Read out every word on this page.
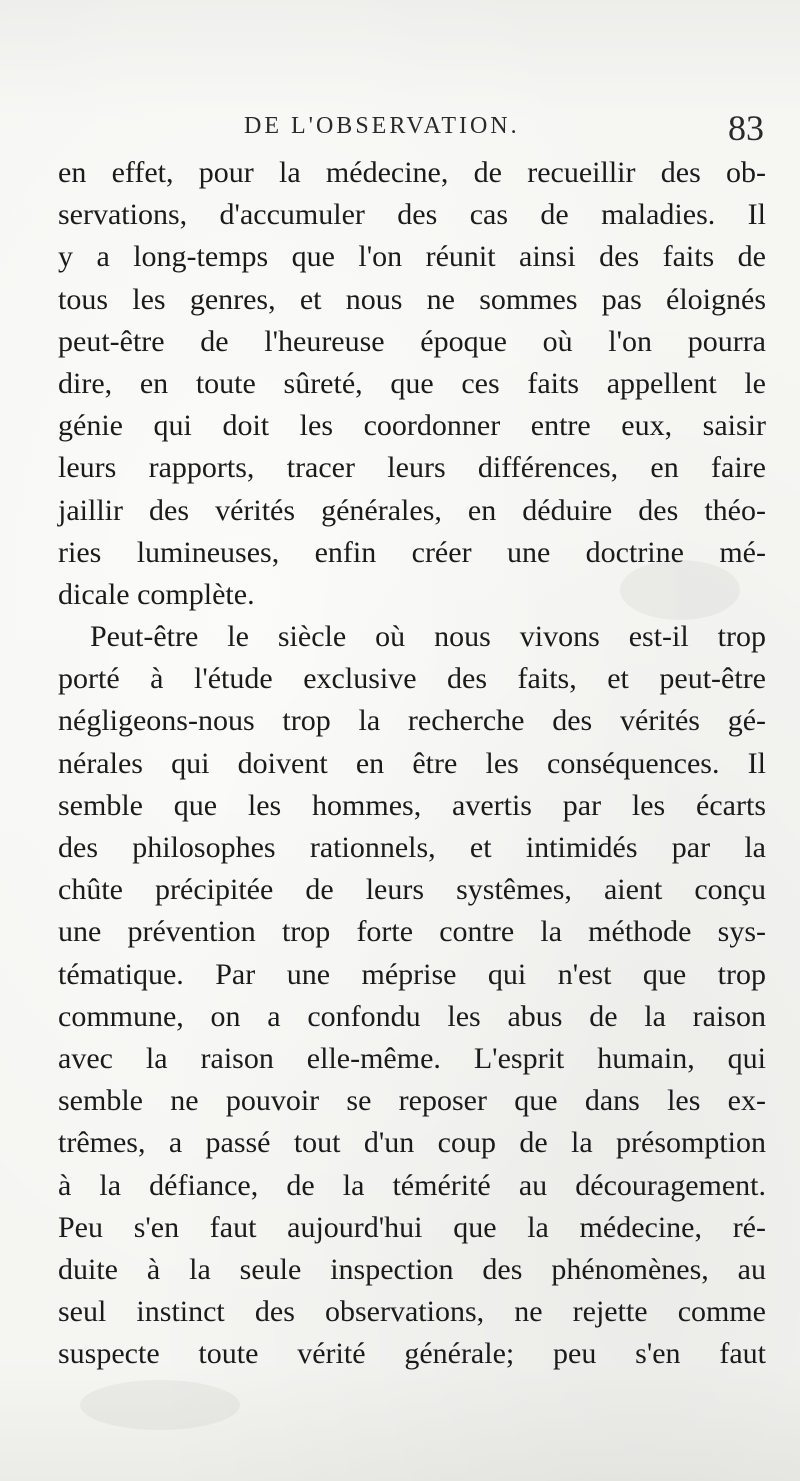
DE L'OBSERVATION.	83
en effet, pour la médecine, de recueillir des ob-
servations, d'accumuler des cas de maladies. Il
y a long-temps que l'on réunit ainsi des faits de
tous les genres, et nous ne sommes pas éloignés
peut-être de l'heureuse époque où l'on pourra
dire, en toute sûreté, que ces faits appellent le
génie qui doit les coordonner entre eux, saisir
leurs rapports, tracer leurs différences, en faire
jaillir des vérités générales, en déduire des théo-
ries lumineuses, enfin créer une doctrine mé-
dicale complète.
Peut-être le siècle où nous vivons est-il trop
porté à l'étude exclusive des faits, et peut-être
négligeons-nous trop la recherche des vérités gé-
nérales qui doivent en être les conséquences. Il
semble que les hommes, avertis par les écarts
des philosophes rationnels, et intimidés par la
chûte précipitée de leurs systêmes, aient conçu
une prévention trop forte contre la méthode sys-
tématique. Par une méprise qui n'est que trop
commune, on a confondu les abus de la raison
avec la raison elle-même. L'esprit humain, qui
semble ne pouvoir se reposer que dans les ex-
trêmes, a passé tout d'un coup de la présomption
à la défiance, de la témérité au découragement.
Peu s'en faut aujourd'hui que la médecine, ré-
duite à la seule inspection des phénomènes, au
seul instinct des observations, ne rejette comme
suspecte toute vérité générale; peu s'en faut
